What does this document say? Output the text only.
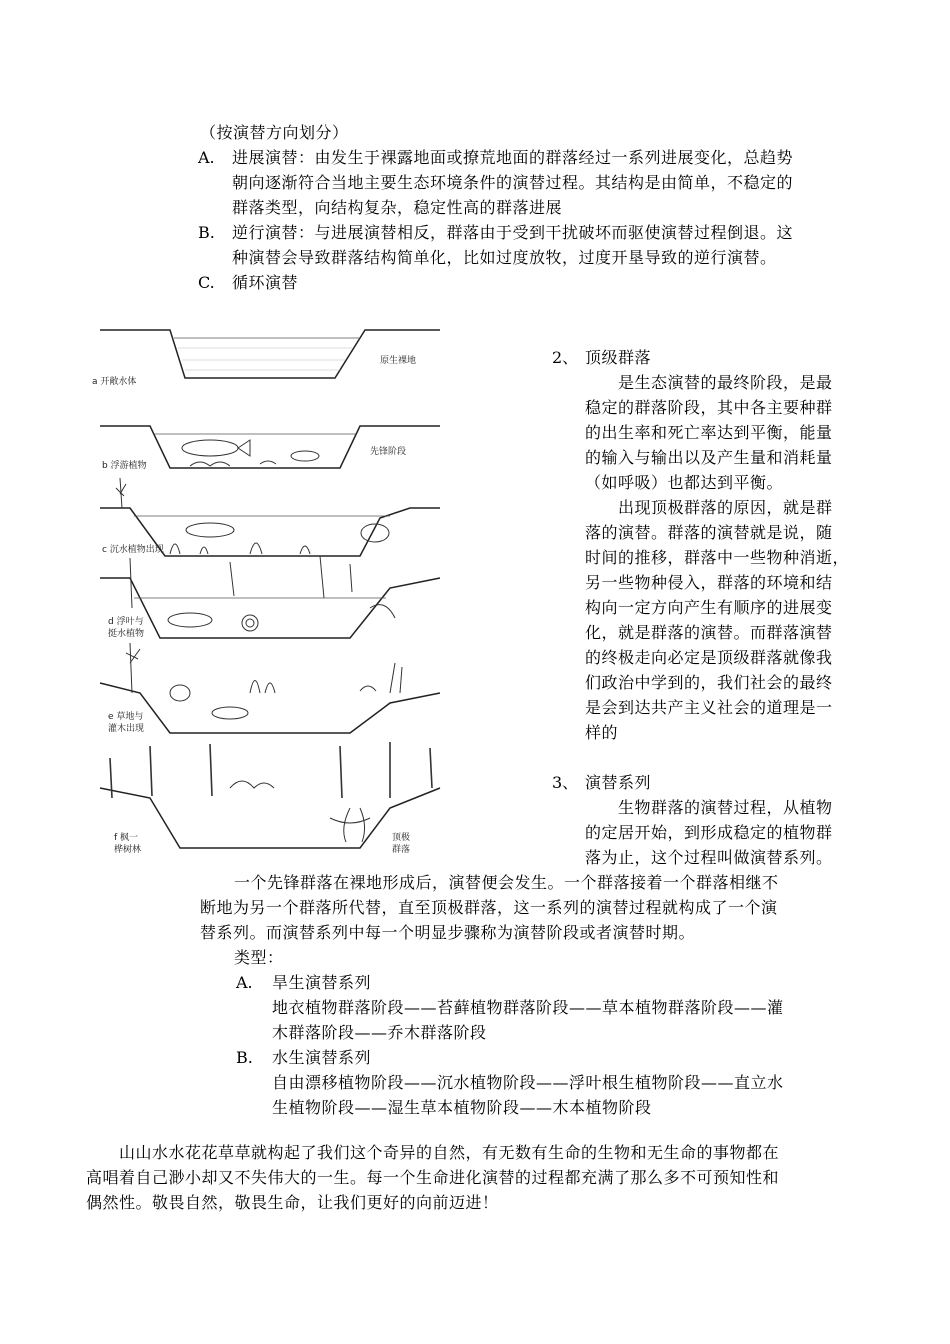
（按演替方向划分）
A. 进展演替：由发生于裸露地面或撩荒地面的群落经过一系列进展变化，总趋势
朝向逐渐符合当地主要生态环境条件的演替过程。其结构是由简单，不稳定的
群落类型，向结构复杂，稳定性高的群落进展
B. 逆行演替：与进展演替相反，群落由于受到干扰破坏而驱使演替过程倒退。这
种演替会导致群落结构简单化，比如过度放牧，过度开垦导致的逆行演替。
C. 循环演替
a 开敞水体
原生裸地
b 浮游植物
先锋阶段
c 沉水植物出现
d 浮叶与
挺水植物
e 草地与
灌木出现
f 枫一
桦树林
顶极
群落
2、 顶级群落
　　是生态演替的最终阶段，是最
稳定的群落阶段，其中各主要种群
的出生率和死亡率达到平衡，能量
的输入与输出以及产生量和消耗量
（如呼吸）也都达到平衡。
　　出现顶极群落的原因，就是群
落的演替。群落的演替就是说，随
时间的推移，群落中一些物种消逝，
另一些物种侵入，群落的环境和结
构向一定方向产生有顺序的进展变
化，就是群落的演替。而群落演替
的终极走向必定是顶级群落就像我
们政治中学到的，我们社会的最终
是会到达共产主义社会的道理是一
样的
3、 演替系列
　　生物群落的演替过程，从植物
的定居开始，到形成稳定的植物群
落为止，这个过程叫做演替系列。
一个先锋群落在裸地形成后，演替便会发生。一个群落接着一个群落相继不
断地为另一个群落所代替，直至顶极群落，这一系列的演替过程就构成了一个演
替系列。而演替系列中每一个明显步骤称为演替阶段或者演替时期。
类型：
A. 旱生演替系列
地衣植物群落阶段——苔藓植物群落阶段——草本植物群落阶段——灌
木群落阶段——乔木群落阶段
B. 水生演替系列
自由漂移植物阶段——沉水植物阶段——浮叶根生植物阶段——直立水
生植物阶段——湿生草本植物阶段——木本植物阶段
　　山山水水花花草草就构起了我们这个奇异的自然，有无数有生命的生物和无生命的事物都在
高唱着自己渺小却又不失伟大的一生。每一个生命进化演替的过程都充满了那么多不可预知性和
偶然性。敬畏自然，敬畏生命，让我们更好的向前迈进！
